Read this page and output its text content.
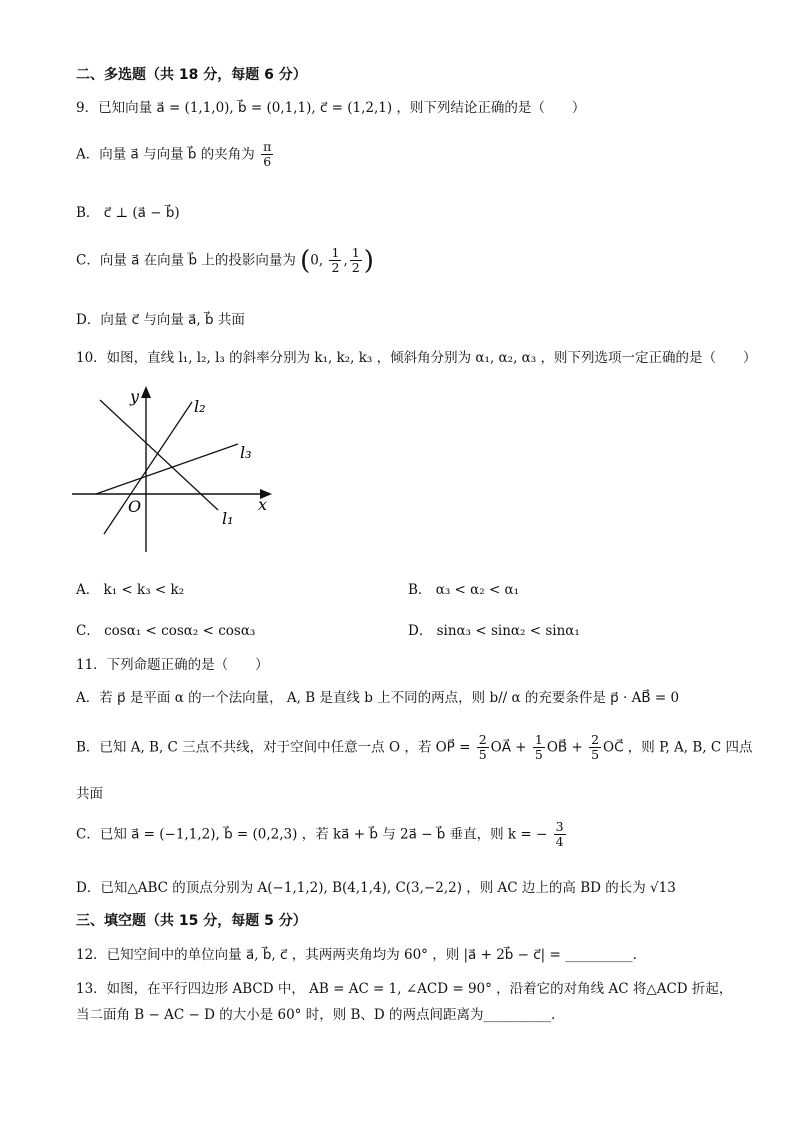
二、多选题（共 18 分，每题 6 分）
9．已知向量 a⃗ = (1,1,0), b⃗ = (0,1,1), c⃗ = (1,2,1) ，则下列结论正确的是（　　）
A．向量 a⃗ 与向量 b⃗ 的夹角为 $\frac{\pi}{6}$
B． c⃗ ⊥ (a⃗ − b⃗)
C．向量 a⃗ 在向量 b⃗ 上的投影向量为 (0, $\frac{1}{2}$ , $\frac{1}{2}$ )
D．向量 c⃗ 与向量 a⃗, b⃗ 共面
10．如图，直线 l₁, l₂, l₃ 的斜率分别为 k₁, k₂, k₃ ，倾斜角分别为 α₁, α₂, α₃ ，则下列选项一定正确的是（　　）
y
x
O
l₁
l₂
l₃
A． k₁ < k₃ < k₂	B． α₃ < α₂ < α₁
C． cosα₁ < cosα₂ < cosα₃	D． sinα₃ < sinα₂ < sinα₁
11．下列命题正确的是（　　）
A．若 p⃗ 是平面 α 的一个法向量， A, B 是直线 b 上不同的两点，则 b// α 的充要条件是 p⃗ · AB⃗ = 0
B．已知 A, B, C 三点不共线，对于空间中任意一点 O ，若 OP⃗ = $\frac{2}{5}$ OA⃗ + $\frac{1}{5}$ OB⃗ + $\frac{2}{5}$ OC⃗ ，则 P, A, B, C 四点
共面
C．已知 a⃗ = (−1,1,2), b⃗ = (0,2,3) ，若 ka⃗ + b⃗ 与 2a⃗ − b⃗ 垂直，则 k = − $\frac{3}{4}$
D．已知△ABC 的顶点分别为 A(−1,1,2), B(4,1,4), C(3,−2,2) ，则 AC 边上的高 BD 的长为 √13
三、填空题（共 15 分，每题 5 分）
12．已知空间中的单位向量 a⃗, b⃗, c⃗ ，其两两夹角均为 60° ，则 |a⃗ + 2b⃗ − c⃗| = __________.
13．如图，在平行四边形 ABCD 中， AB = AC = 1, ∠ACD = 90° ，沿着它的对角线 AC 将△ACD 折起，
当二面角 B − AC − D 的大小是 60° 时，则 B、D 的两点间距离为__________.
